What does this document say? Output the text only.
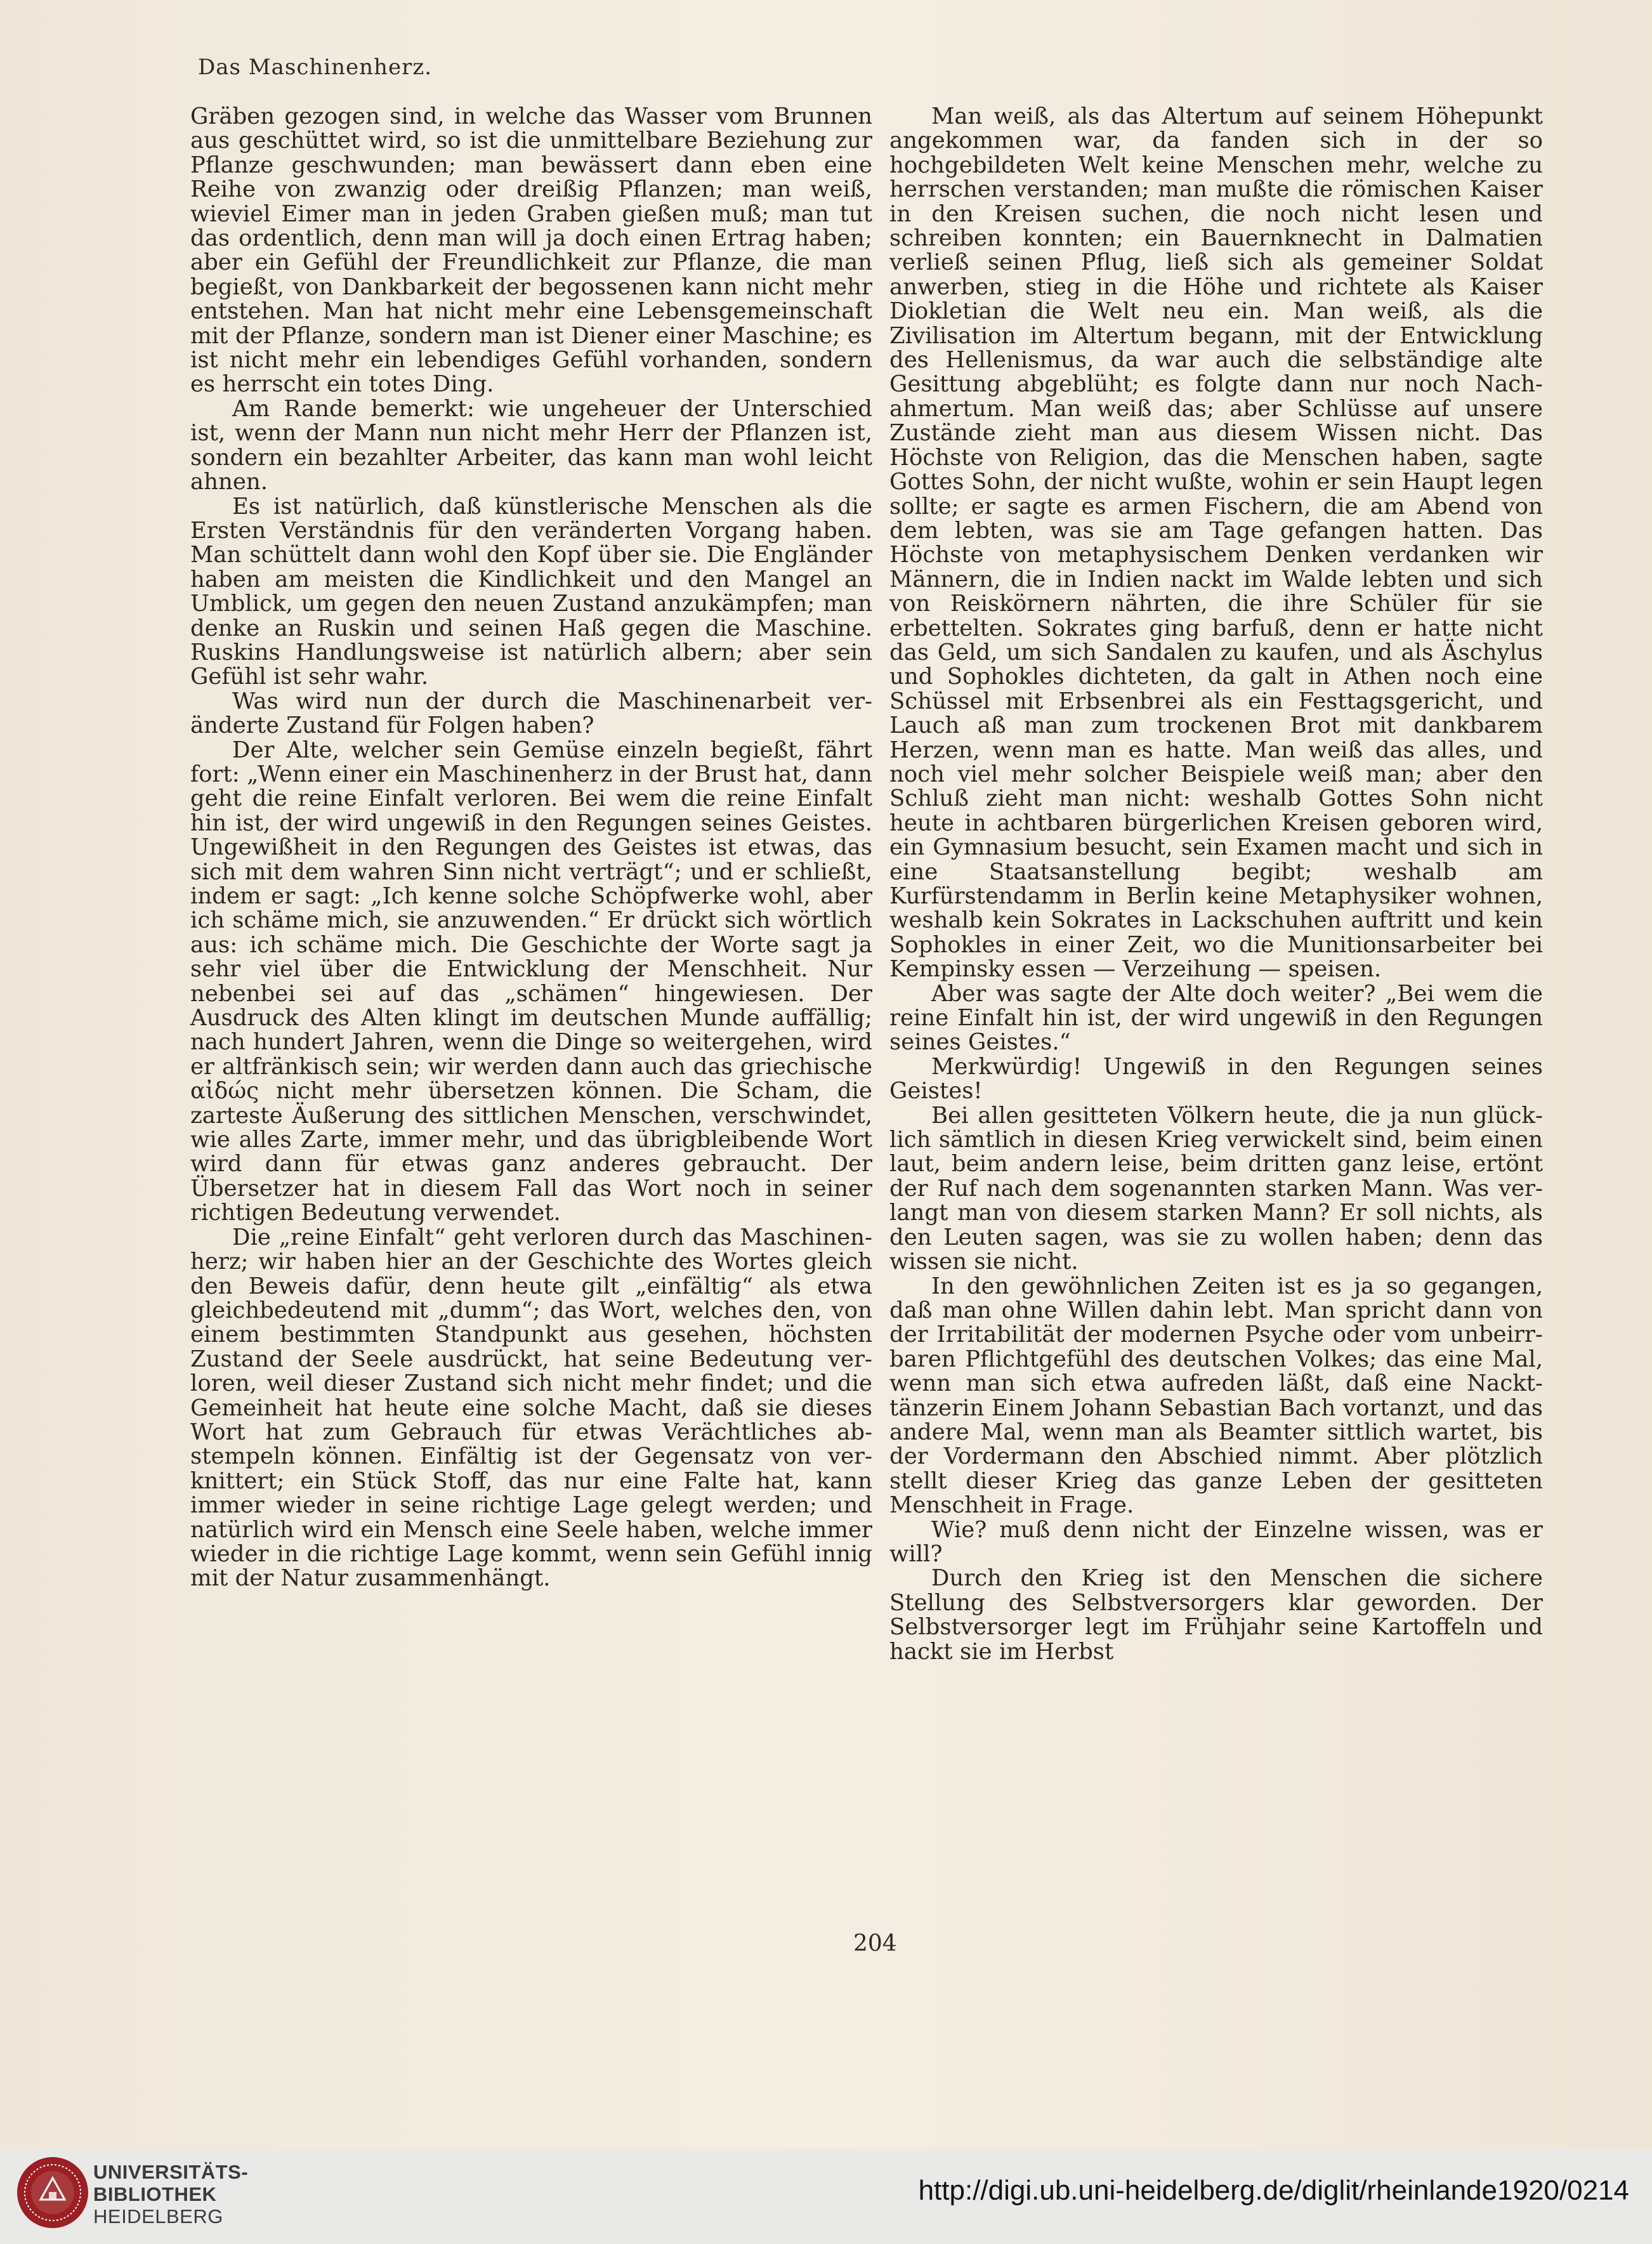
Das Maschinenherz.

Gräben gezogen sind, in welche das Wasser vom Brunnen aus geschüttet wird, so ist die unmittelbare Beziehung zur Pflanze geschwunden; man bewässert dann eben eine Reihe von zwanzig oder dreißig Pflanzen; man weiß, wieviel Eimer man in jeden Graben gießen muß; man tut das ordentlich, denn man will ja doch einen Ertrag haben; aber ein Gefühl der Freundlichkeit zur Pflanze, die man begießt, von Dankbarkeit der begossenen kann nicht mehr entstehen. Man hat nicht mehr eine Lebensgemeinschaft mit der Pflanze, sondern man ist Diener einer Maschine; es ist nicht mehr ein lebendiges Gefühl vorhanden, sondern es herrscht ein totes Ding.

Am Rande bemerkt: wie ungeheuer der Unterschied ist, wenn der Mann nun nicht mehr Herr der Pflanzen ist, sondern ein bezahlter Arbeiter, das kann man wohl leicht ahnen.

Es ist natürlich, daß künstlerische Menschen als die Ersten Verständnis für den veränderten Vorgang haben. Man schüttelt dann wohl den Kopf über sie. Die Engländer haben am meisten die Kindlichkeit und den Mangel an Umblick, um gegen den neuen Zustand anzukämpfen; man denke an Ruskin und seinen Haß gegen die Maschine. Ruskins Handlungsweise ist natürlich albern; aber sein Gefühl ist sehr wahr.

Was wird nun der durch die Maschinenarbeit veränderte Zustand für Folgen haben?

Der Alte, welcher sein Gemüse einzeln begießt, fährt fort: „Wenn einer ein Maschinenherz in der Brust hat, dann geht die reine Einfalt verloren. Bei wem die reine Einfalt hin ist, der wird ungewiß in den Regungen seines Geistes. Ungewißheit in den Regungen des Geistes ist etwas, das sich mit dem wahren Sinn nicht verträgt“; und er schließt, indem er sagt: „Ich kenne solche Schöpfwerke wohl, aber ich schäme mich, sie anzuwenden.“ Er drückt sich wörtlich aus: ich schäme mich. Die Geschichte der Worte sagt ja sehr viel über die Entwicklung der Menschheit. Nur nebenbei sei auf das „schämen“ hingewiesen. Der Ausdruck des Alten klingt im deutschen Munde auffällig; nach hundert Jahren, wenn die Dinge so weitergehen, wird er altfränkisch sein; wir werden dann auch das griechische αἰδώς nicht mehr übersetzen können. Die Scham, die zarteste Äußerung des sittlichen Menschen, verschwindet, wie alles Zarte, immer mehr, und das übrigbleibende Wort wird dann für etwas ganz anderes gebraucht. Der Übersetzer hat in diesem Fall das Wort noch in seiner richtigen Bedeutung verwendet.

Die „reine Einfalt“ geht verloren durch das Maschinenherz; wir haben hier an der Geschichte des Wortes gleich den Beweis dafür, denn heute gilt „einfältig“ als etwa gleichbedeutend mit „dumm“; das Wort, welches den, von einem bestimmten Standpunkt aus gesehen, höchsten Zustand der Seele ausdrückt, hat seine Bedeutung verloren, weil dieser Zustand sich nicht mehr findet; und die Gemeinheit hat heute eine solche Macht, daß sie dieses Wort hat zum Gebrauch für etwas Verächtliches abstempeln können. Einfältig ist der Gegensatz von verknittert; ein Stück Stoff, das nur eine Falte hat, kann immer wieder in seine richtige Lage gelegt werden; und natürlich wird ein Mensch eine Seele haben, welche immer wieder in die richtige Lage kommt, wenn sein Gefühl innig mit der Natur zusammenhängt.

Man weiß, als das Altertum auf seinem Höhepunkt angekommen war, da fanden sich in der so hochgebildeten Welt keine Menschen mehr, welche zu herrschen verstanden; man mußte die römischen Kaiser in den Kreisen suchen, die noch nicht lesen und schreiben konnten; ein Bauernknecht in Dalmatien verließ seinen Pflug, ließ sich als gemeiner Soldat anwerben, stieg in die Höhe und richtete als Kaiser Diokletian die Welt neu ein. Man weiß, als die Zivilisation im Altertum begann, mit der Entwicklung des Hellenismus, da war auch die selbständige alte Gesittung abgeblüht; es folgte dann nur noch Nachahmertum. Man weiß das; aber Schlüsse auf unsere Zustände zieht man aus diesem Wissen nicht. Das Höchste von Religion, das die Menschen haben, sagte Gottes Sohn, der nicht wußte, wohin er sein Haupt legen sollte; er sagte es armen Fischern, die am Abend von dem lebten, was sie am Tage gefangen hatten. Das Höchste von metaphysischem Denken verdanken wir Männern, die in Indien nackt im Walde lebten und sich von Reiskörnern nährten, die ihre Schüler für sie erbettelten. Sokrates ging barfuß, denn er hatte nicht das Geld, um sich Sandalen zu kaufen, und als Äschylus und Sophokles dichteten, da galt in Athen noch eine Schüssel mit Erbsenbrei als ein Festtagsgericht, und Lauch aß man zum trockenen Brot mit dankbarem Herzen, wenn man es hatte. Man weiß das alles, und noch viel mehr solcher Beispiele weiß man; aber den Schluß zieht man nicht: weshalb Gottes Sohn nicht heute in achtbaren bürgerlichen Kreisen geboren wird, ein Gymnasium besucht, sein Examen macht und sich in eine Staatsanstellung begibt; weshalb am Kurfürstendamm in Berlin keine Metaphysiker wohnen, weshalb kein Sokrates in Lackschuhen auftritt und kein Sophokles in einer Zeit, wo die Munitionsarbeiter bei Kempinsky essen — Verzeihung — speisen.

Aber was sagte der Alte doch weiter? „Bei wem die reine Einfalt hin ist, der wird ungewiß in den Regungen seines Geistes.“

Merkwürdig! Ungewiß in den Regungen seines Geistes!

Bei allen gesitteten Völkern heute, die ja nun glücklich sämtlich in diesen Krieg verwickelt sind, beim einen laut, beim andern leise, beim dritten ganz leise, ertönt der Ruf nach dem sogenannten starken Mann. Was verlangt man von diesem starken Mann? Er soll nichts, als den Leuten sagen, was sie zu wollen haben; denn das wissen sie nicht.

In den gewöhnlichen Zeiten ist es ja so gegangen, daß man ohne Willen dahin lebt. Man spricht dann von der Irritabilität der modernen Psyche oder vom unbeirrbaren Pflichtgefühl des deutschen Volkes; das eine Mal, wenn man sich etwa aufreden läßt, daß eine Nackttänzerin Einem Johann Sebastian Bach vortanzt, und das andere Mal, wenn man als Beamter sittlich wartet, bis der Vordermann den Abschied nimmt. Aber plötzlich stellt dieser Krieg das ganze Leben der gesitteten Menschheit in Frage.

Wie? muß denn nicht der Einzelne wissen, was er will?

Durch den Krieg ist den Menschen die sichere Stellung des Selbstversorgers klar geworden. Der Selbstversorger legt im Frühjahr seine Kartoffeln und hackt sie im Herbst

204
UNIVERSITÄTS-
BIBLIOTHEK
HEIDELBERG
http://digi.ub.uni-heidelberg.de/diglit/rheinlande1920/0214
